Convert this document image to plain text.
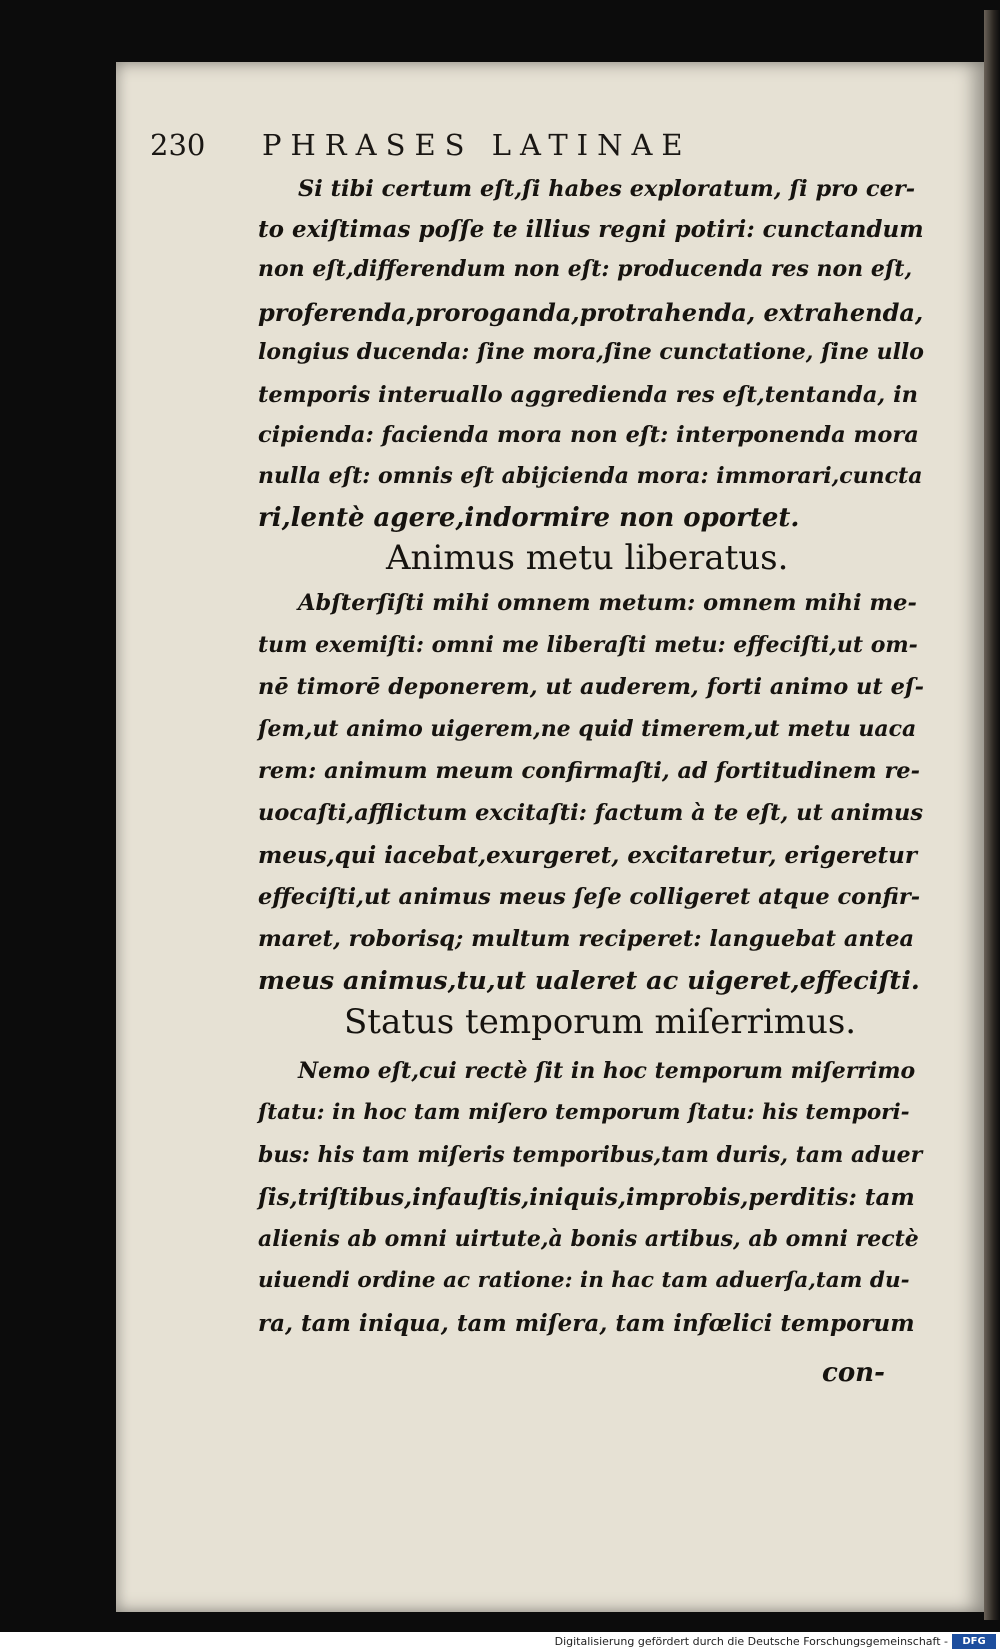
230 PHRASES LATINAE
Si tibi certum eſt,ſi habes exploratum, ſi pro cer-
to exiſtimas poſſe te illius regni potiri: cunctandum
non eſt,differendum non eſt: producenda res non eſt,
proferenda,proroganda,protrahenda, extrahenda,
longius ducenda: ſine mora,ſine cunctatione, ſine ullo
temporis interuallo aggredienda res eſt,tentanda, in
cipienda: facienda mora non eſt: interponenda mora
nulla eſt: omnis eſt abijcienda mora: immorari,cuncta
ri,lentè agere,indormire non oportet.
Animus metu liberatus.
Abſterſiſti mihi omnem metum: omnem mihi me-
tum exemiſti: omni me liberaſti metu: effeciſti,ut om-
nē timorē deponerem, ut auderem, forti animo ut eſ-
ſem,ut animo uigerem,ne quid timerem,ut metu uaca
rem: animum meum confirmaſti, ad fortitudinem re-
uocaſti,afflictum excitaſti: factum à te eſt, ut animus
meus,qui iacebat,exurgeret, excitaretur, erigeretur
effeciſti,ut animus meus ſeſe colligeret atque confir-
maret, roborisq; multum reciperet: languebat antea
meus animus,tu,ut ualeret ac uigeret,effeciſti.
Status temporum miſerrimus.
Nemo eſt,cui rectè ſit in hoc temporum miſerrimo
ſtatu: in hoc tam miſero temporum ſtatu: his tempori-
bus: his tam miſeris temporibus,tam duris, tam aduer
ſis,triſtibus,infauſtis,iniquis,improbis,perditis: tam
alienis ab omni uirtute,à bonis artibus, ab omni rectè
uiuendi ordine ac ratione: in hac tam aduerſa,tam du-
ra, tam iniqua, tam miſera, tam infœlici temporum
con-
Digitalisierung gefördert durch die Deutsche Forschungsgemeinschaft -	DFG
